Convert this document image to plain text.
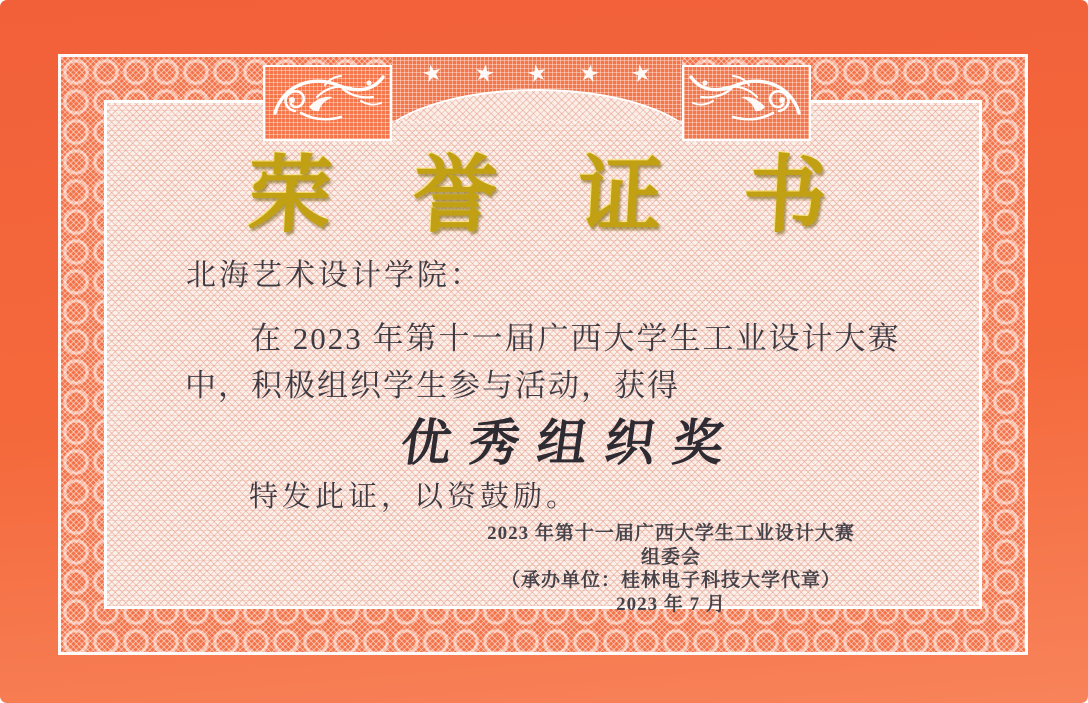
★ ★ ★ ★ ★
荣 誉 证 书
北海艺术设计学院：
在 2023 年第十一届广西大学生工业设计大赛
中，积极组织学生参与活动，获得
优秀组织奖
特发此证，以资鼓励。
2023 年第十一届广西大学生工业设计大赛组委会
（承办单位：桂林电子科技大学代章）
2023 年 7 月
